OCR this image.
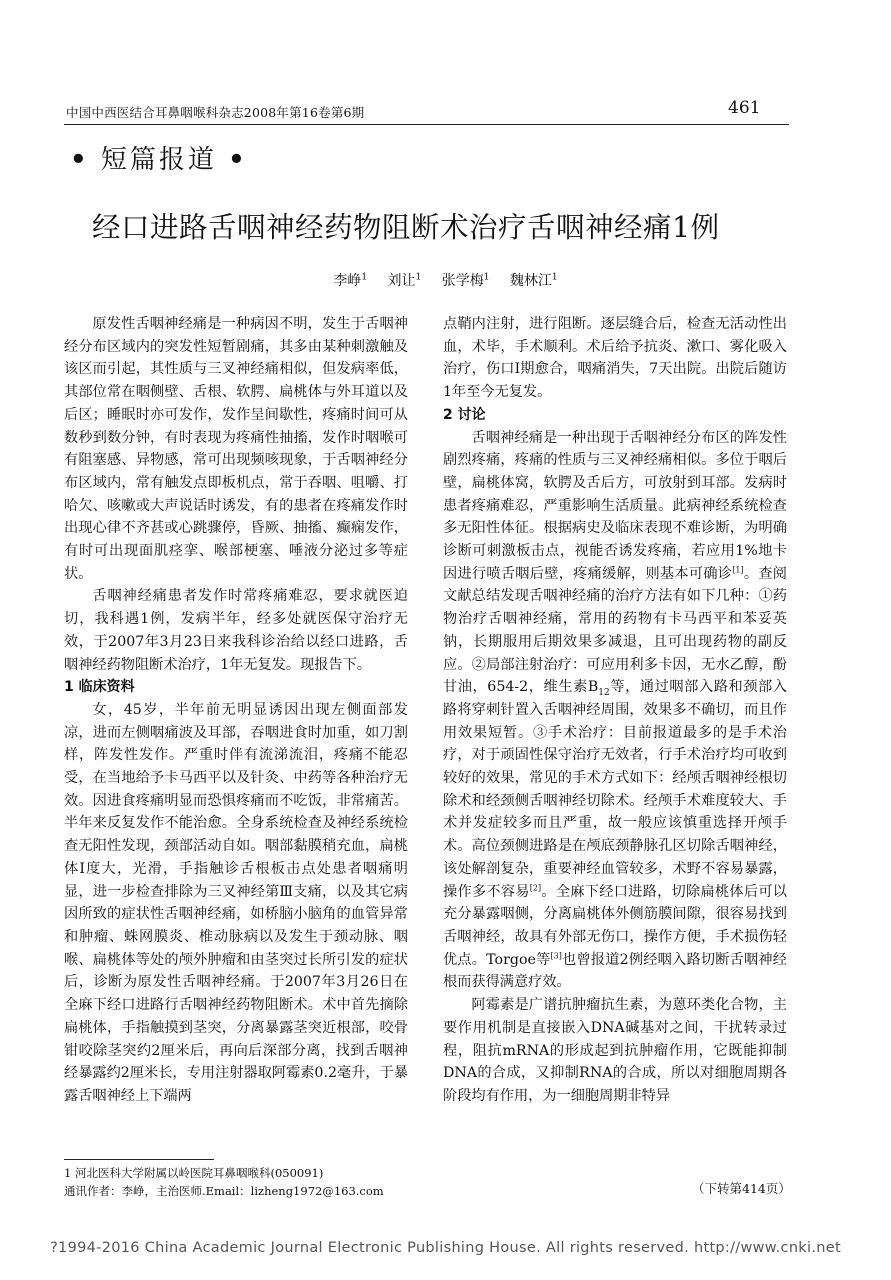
中国中西医结合耳鼻咽喉科杂志2008年第16卷第6期	461
• 短篇报道 •
经口进路舌咽神经药物阻断术治疗舌咽神经痛1例
李峥$^1$ 刘让$^1$ 张学梅$^1$ 魏林江$^1$

原发性舌咽神经痛是一种病因不明，发生于舌咽神经分布区域内的突发性短暂剧痛，其多由某种刺激触及该区而引起，其性质与三叉神经痛相似，但发病率低，其部位常在咽侧壁、舌根、软腭、扁桃体与外耳道以及后区；睡眠时亦可发作，发作呈间歇性，疼痛时间可从数秒到数分钟，有时表现为疼痛性抽搐，发作时咽喉可有阻塞感、异物感，常可出现频咳现象，于舌咽神经分布区域内，常有触发点即板机点，常于吞咽、咀嚼、打哈欠、咳嗽或大声说话时诱发，有的患者在疼痛发作时出现心律不齐甚或心跳骤停，昏厥、抽搐、癫痫发作，有时可出现面肌痉挛、喉部梗塞、唾液分泌过多等症状。

舌咽神经痛患者发作时常疼痛难忍，要求就医迫切，我科遇1例，发病半年，经多处就医保守治疗无效，于2007年3月23日来我科诊治给以经口进路，舌咽神经药物阻断术治疗，1年无复发。现报告下。

1 临床资料

女，45岁，半年前无明显诱因出现左侧面部发凉，进而左侧咽痛波及耳部，吞咽进食时加重，如刀割样，阵发性发作。严重时伴有流涕流泪，疼痛不能忍受，在当地给予卡马西平以及针灸、中药等各种治疗无效。因进食疼痛明显而恐惧疼痛而不吃饭，非常痛苦。半年来反复发作不能治愈。全身系统检查及神经系统检查无阳性发现，颈部活动自如。咽部黏膜稍充血，扁桃体I度大，光滑，手指触诊舌根板击点处患者咽痛明显，进一步检查排除为三叉神经第Ⅲ支痛，以及其它病因所致的症状性舌咽神经痛，如桥脑小脑角的血管异常和肿瘤、蛛网膜炎、椎动脉病以及发生于颈动脉、咽喉、扁桃体等处的颅外肿瘤和由茎突过长所引发的症状后，诊断为原发性舌咽神经痛。于2007年3月26日在全麻下经口进路行舌咽神经药物阻断术。术中首先摘除扁桃体，手指触摸到茎突，分离暴露茎突近根部，咬骨钳咬除茎突约2厘米后，再向后深部分离，找到舌咽神经暴露约2厘米长，专用注射器取阿霉素0.2毫升，于暴露舌咽神经上下端两

点鞘内注射，进行阻断。逐层缝合后，检查无活动性出血，术毕，手术顺利。术后给予抗炎、漱口、雾化吸入治疗，伤口Ⅰ期愈合，咽痛消失，7天出院。出院后随访1年至今无复发。

2 讨论

舌咽神经痛是一种出现于舌咽神经分布区的阵发性剧烈疼痛，疼痛的性质与三叉神经痛相似。多位于咽后壁，扁桃体窝，软腭及舌后方，可放射到耳部。发病时患者疼痛难忍，严重影响生活质量。此病神经系统检查多无阳性体征。根据病史及临床表现不难诊断，为明确诊断可刺激板击点，视能否诱发疼痛，若应用1%地卡因进行喷舌咽后壁，疼痛缓解，则基本可确诊[1]。查阅文献总结发现舌咽神经痛的治疗方法有如下几种：①药物治疗舌咽神经痛，常用的药物有卡马西平和苯妥英钠，长期服用后期效果多减退，且可出现药物的副反应。②局部注射治疗：可应用利多卡因，无水乙醇，酚甘油，654-2，维生素$B_{12}$等，通过咽部入路和颈部入路将穿刺针置入舌咽神经周围，效果多不确切，而且作用效果短暂。③手术治疗：目前报道最多的是手术治疗，对于顽固性保守治疗无效者，行手术治疗均可收到较好的效果，常见的手术方式如下：经颅舌咽神经根切除术和经颈侧舌咽神经切除术。经颅手术难度较大、手术并发症较多而且严重，故一般应该慎重选择开颅手术。高位颈侧进路是在颅底颈静脉孔区切除舌咽神经，该处解剖复杂，重要神经血管较多，术野不容易暴露，操作多不容易[2]。全麻下经口进路，切除扁桃体后可以充分暴露咽侧，分离扁桃体外侧筋膜间隙，很容易找到舌咽神经，故具有外部无伤口，操作方便，手术损伤轻优点。Torgoe等[3]也曾报道2例经咽入路切断舌咽神经根而获得满意疗效。

阿霉素是广谱抗肿瘤抗生素，为蒽环类化合物，主要作用机制是直接嵌入DNA碱基对之间，干扰转录过程，阻抗mRNA的形成起到抗肿瘤作用，它既能抑制DNA的合成，又抑制RNA的合成，所以对细胞周期各阶段均有作用，为一细胞周期非特异

1 河北医科大学附属以岭医院耳鼻咽喉科(050091)
通讯作者：李峥，主治医师.Email：lizheng1972@163.com	（下转第414页）
?1994-2016 China Academic Journal Electronic Publishing House. All rights reserved. http://www.cnki.net
